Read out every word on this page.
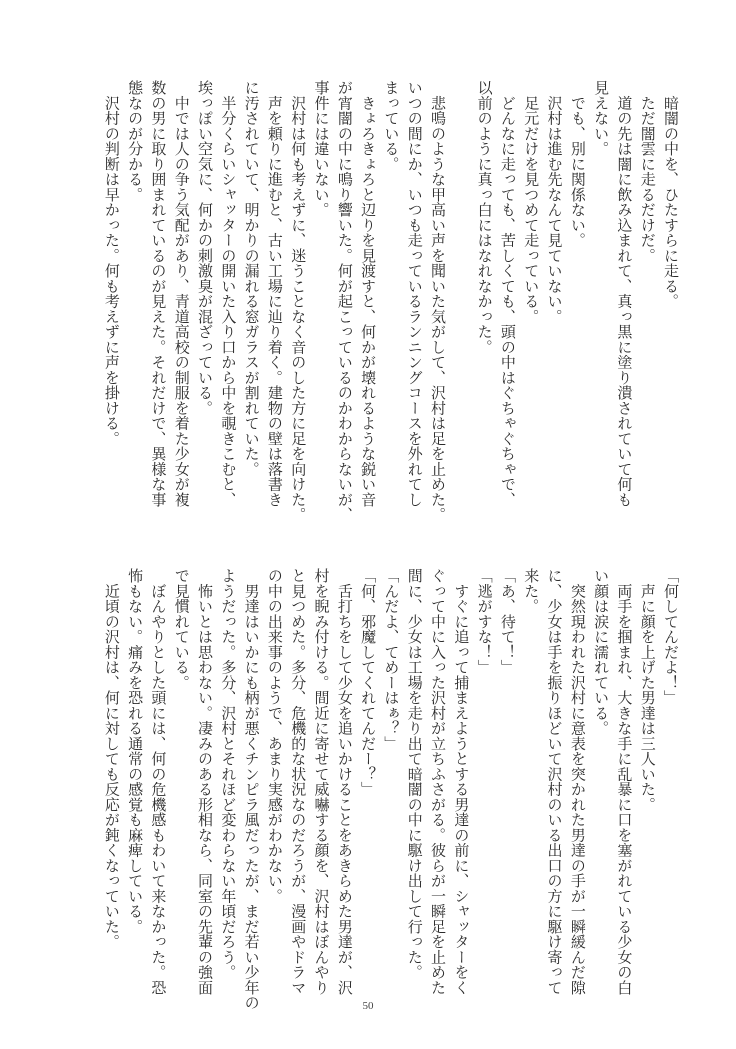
　暗闇の中を、ひたすらに走る。
　ただ闇雲に走るだけだ。
　道の先は闇に飲み込まれて、真っ黒に塗り潰されていて何も
見えない。
　でも、別に関係ない。
　沢村は進む先なんて見ていない。
　足元だけを見つめて走っている。
　どんなに走っても、苦しくても、頭の中はぐちゃぐちゃで、
以前のように真っ白にはなれなかった。
　悲鳴のような甲高い声を聞いた気がして、沢村は足を止めた。
いつの間にか、いつも走っているランニングコースを外れてし
まっている。
　きょろきょろと辺りを見渡すと、何かが壊れるような鋭い音
が宵闇の中に鳴り響いた。何が起こっているのかわからないが、
事件には違いない。
　沢村は何も考えずに、迷うことなく音のした方に足を向けた。
　声を頼りに進むと、古い工場に辿り着く。建物の壁は落書き
に汚されていて、明かりの漏れる窓ガラスが割れていた。
　半分くらいシャッターの開いた入り口から中を覗きこむと、
埃っぽい空気に、何かの刺激臭が混ざっている。
　中では人の争う気配があり、青道高校の制服を着た少女が複
数の男に取り囲まれているのが見えた。それだけで、異様な事
態なのが分かる。
　沢村の判断は早かった。何も考えずに声を掛ける。
「何してんだよ！」
　声に顔を上げた男達は三人いた。
　両手を掴まれ、大きな手に乱暴に口を塞がれている少女の白
い顔は涙に濡れている。
　突然現われた沢村に意表を突かれた男達の手が一瞬緩んだ隙
に、少女は手を振りほどいて沢村のいる出口の方に駆け寄って
来た。
「あ、待て！」
「逃がすな！」
　すぐに追って捕まえようとする男達の前に、シャッターをく
ぐって中に入った沢村が立ちふさがる。彼らが一瞬足を止めた
間に、少女は工場を走り出て暗闇の中に駆け出して行った。
「んだよ、てめーはぁ？」
「何、邪魔してくれてんだー？」
　舌打ちをして少女を追いかけることをあきらめた男達が、沢
村を睨み付ける。間近に寄せて威嚇する顔を、沢村はぼんやり
と見つめた。多分、危機的な状況なのだろうが、漫画やドラマ
の中の出来事のようで、あまり実感がわかない。
　男達はいかにも柄が悪くチンピラ風だったが、まだ若い少年の
ようだった。多分、沢村とそれほど変わらない年頃だろう。
　怖いとは思わない。凄みのある形相なら、同室の先輩の強面
で見慣れている。
　ぼんやりとした頭には、何の危機感もわいて来なかった。恐
怖もない。痛みを恐れる通常の感覚も麻痺している。
　近頃の沢村は、何に対しても反応が鈍くなっていた。
50
